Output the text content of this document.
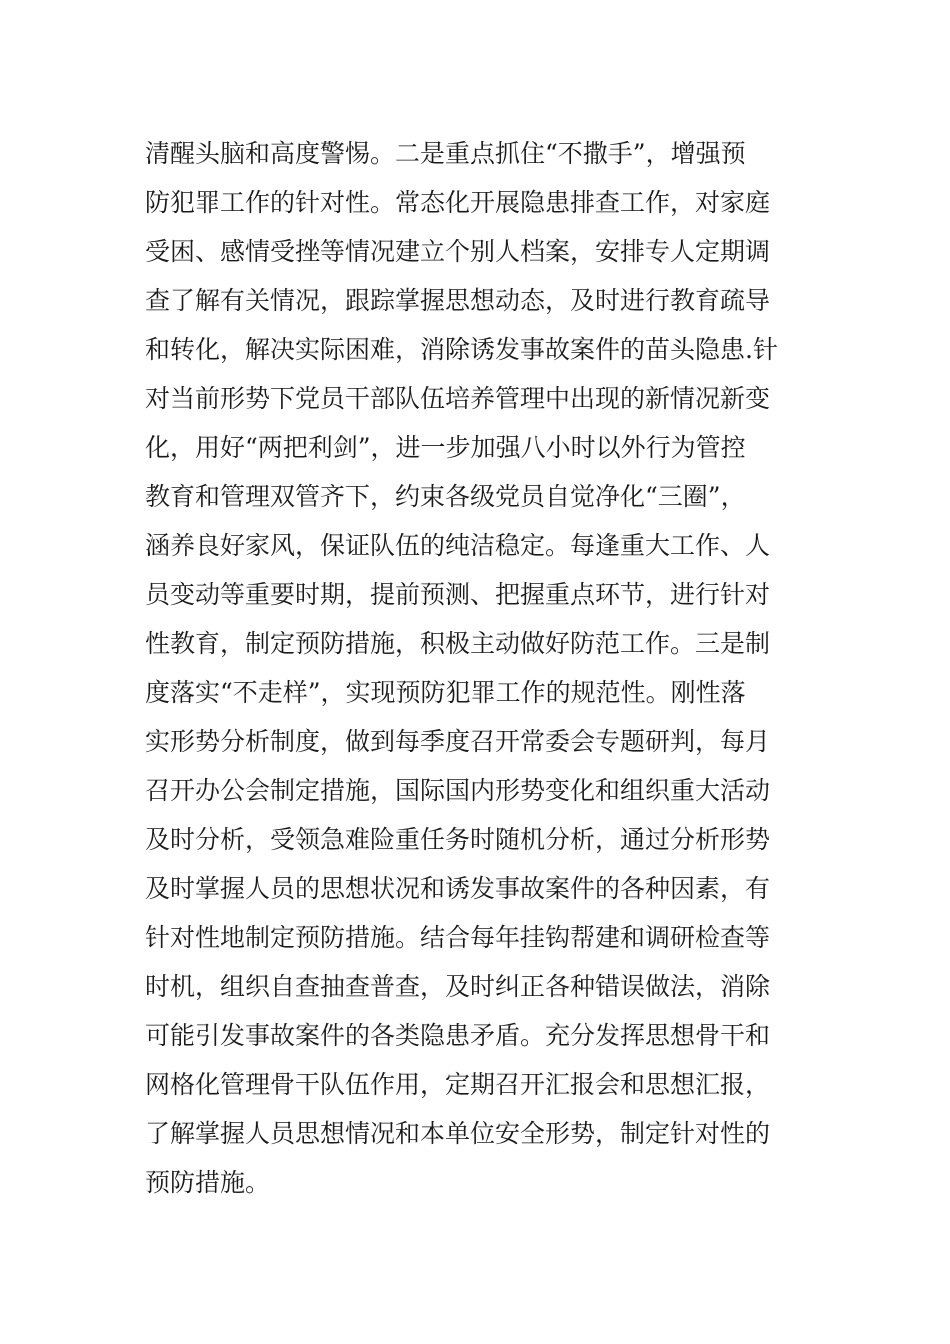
清醒头脑和高度警惕。二是重点抓住“不撒手”，增强预
防犯罪工作的针对性。常态化开展隐患排查工作，对家庭
受困、感情受挫等情况建立个别人档案，安排专人定期调
查了解有关情况，跟踪掌握思想动态，及时进行教育疏导
和转化，解决实际困难，消除诱发事故案件的苗头隐患.针
对当前形势下党员干部队伍培养管理中出现的新情况新变
化，用好“两把利剑”，进一步加强八小时以外行为管控
教育和管理双管齐下，约束各级党员自觉净化“三圈”，
涵养良好家风，保证队伍的纯洁稳定。每逢重大工作、人
员变动等重要时期，提前预测、把握重点环节，进行针对
性教育，制定预防措施，积极主动做好防范工作。三是制
度落实“不走样”，实现预防犯罪工作的规范性。刚性落
实形势分析制度，做到每季度召开常委会专题研判，每月
召开办公会制定措施，国际国内形势变化和组织重大活动
及时分析，受领急难险重任务时随机分析，通过分析形势
及时掌握人员的思想状况和诱发事故案件的各种因素，有
针对性地制定预防措施。结合每年挂钩帮建和调研检查等
时机，组织自查抽查普查，及时纠正各种错误做法，消除
可能引发事故案件的各类隐患矛盾。充分发挥思想骨干和
网格化管理骨干队伍作用，定期召开汇报会和思想汇报，
了解掌握人员思想情况和本单位安全形势，制定针对性的
预防措施。
